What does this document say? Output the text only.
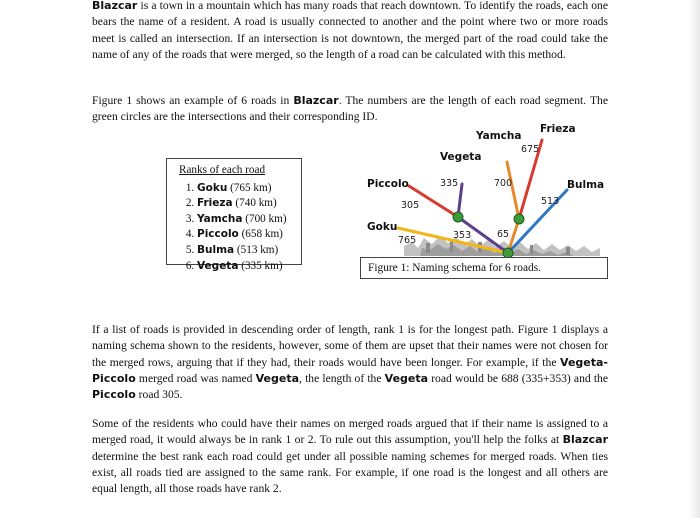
Blazcar is a town in a mountain which has many roads that reach downtown. To identify the roads, each one bears the name of a resident. A road is usually connected to another and the point where two or more roads meet is called an intersection. If an intersection is not downtown, the merged part of the road could take the name of any of the roads that were merged, so the length of a road can be calculated with this method.

Figure 1 shows an example of 6 roads in Blazcar. The numbers are the length of each road segment. The green circles are the intersections and their corresponding ID.

Ranks of each road
1. Goku (765 km)
2. Frieza (740 km)
3. Yamcha (700 km)
4. Piccolo (658 km)
5. Bulma (513 km)
6. Vegeta (335 km)
Frieza
Yamcha
Vegeta
Piccolo	Bulma
Goku
675
335	700
305	513
765	353	65
Figure 1: Naming schema for 6 roads.

If a list of roads is provided in descending order of length, rank 1 is for the longest path. Figure 1 displays a naming schema shown to the residents, however, some of them are upset that their names were not chosen for the merged rows, arguing that if they had, their roads would have been longer. For example, if the Vegeta-Piccolo merged road was named Vegeta, the length of the Vegeta road would be 688 (335+353) and the Piccolo road 305.

Some of the residents who could have their names on merged roads argued that if their name is assigned to a merged road, it would always be in rank 1 or 2. To rule out this assumption, you'll help the folks at Blazcar determine the best rank each road could get under all possible naming schemes for merged roads. When ties exist, all roads tied are assigned to the same rank. For example, if one road is the longest and all others are equal length, all those roads have rank 2.
